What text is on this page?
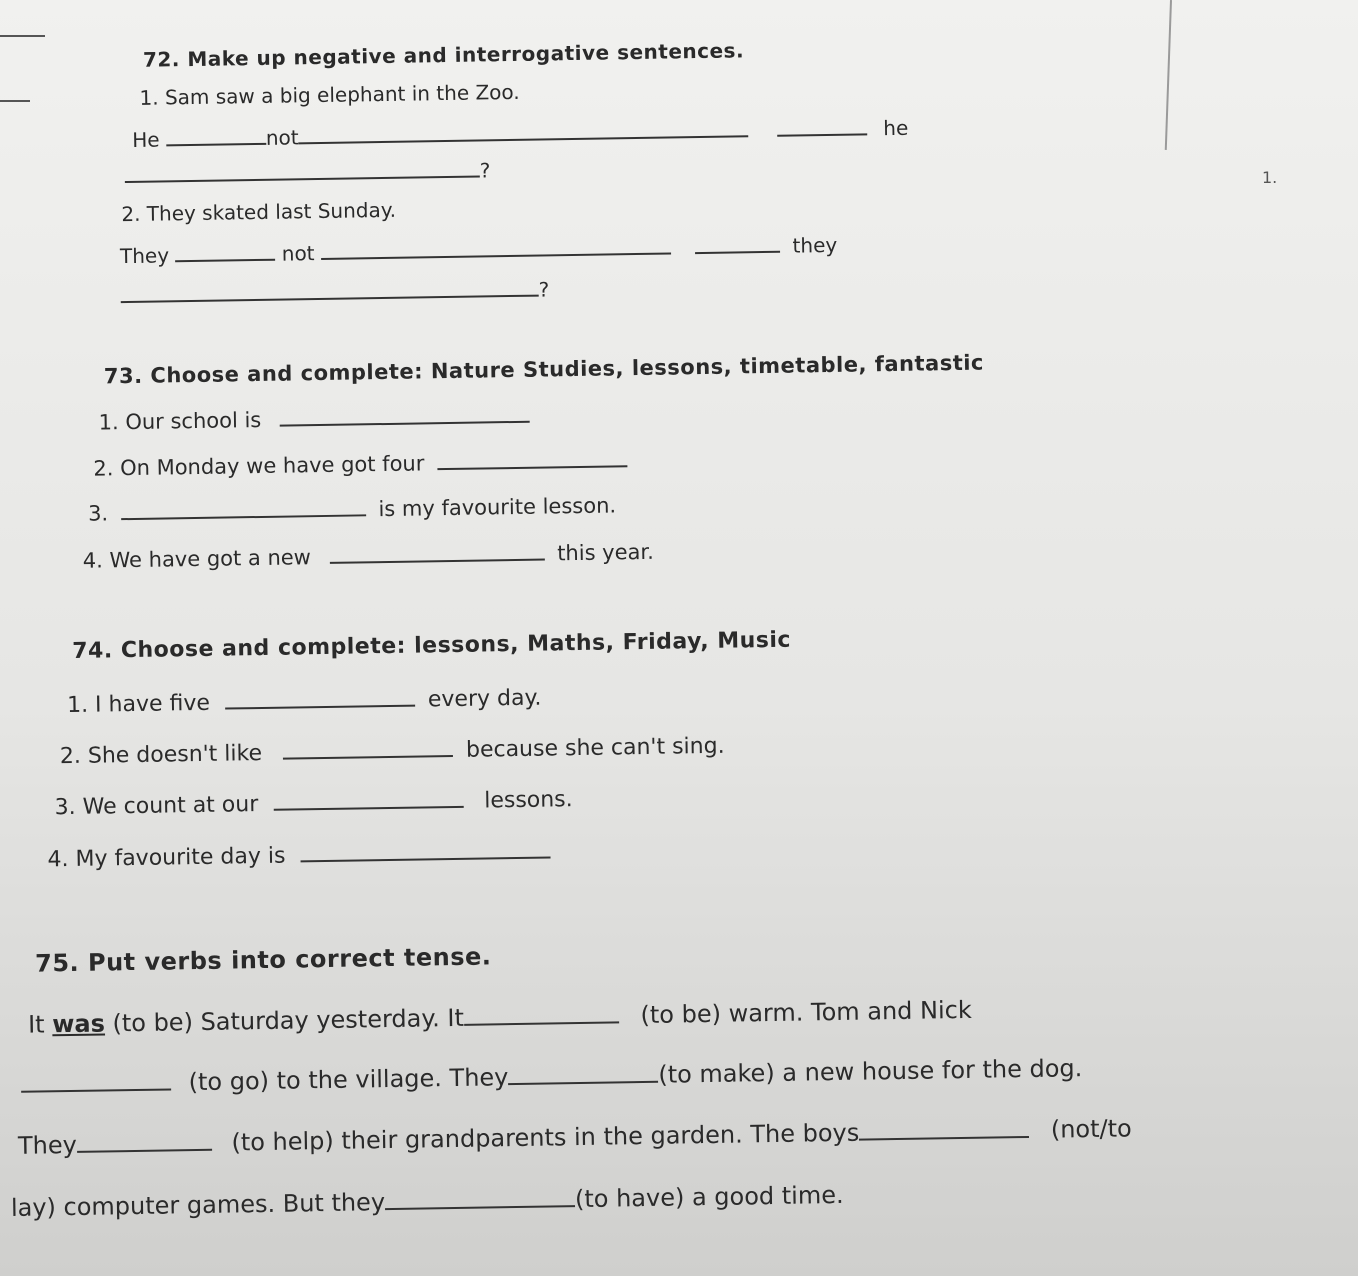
1.
72. Make up negative and interrogative sentences.
1. Sam saw a big elephant in the Zoo.
He	not	he
?
2. They skated last Sunday.
They	not	they
?
73. Choose and complete: Nature Studies, lessons, timetable, fantastic
1. Our school is
2. On Monday we have got four
3.	is my favourite lesson.
4. We have got a new	this year.
74. Choose and complete: lessons, Maths, Friday, Music
1. I have five	every day.
2. She doesn't like	because she can't sing.
3. We count at our	lessons.
4. My favourite day is
75. Put verbs into correct tense.
It was (to be) Saturday yesterday. It	(to be) warm. Tom and Nick
(to go) to the village. They	(to make) a new house for the dog.
They	(to help) their grandparents in the garden. The boys	(not/to
lay) computer games. But they	(to have) a good time.
